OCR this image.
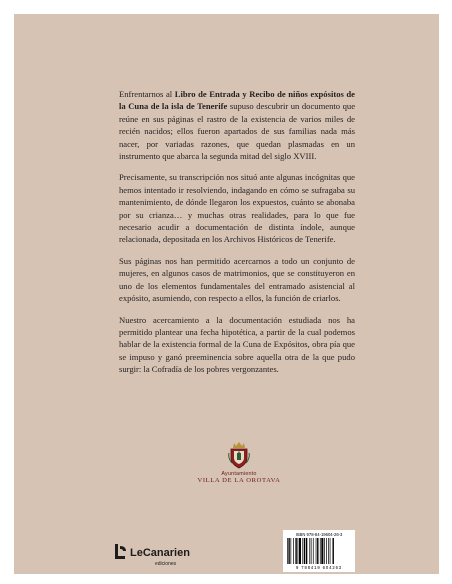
Enfrentarnos al Libro de Entrada y Recibo de niños expósitos de la Cuna de la isla de Tenerife supuso descubrir un documento que reúne en sus páginas el rastro de la existencia de varios miles de recién nacidos; ellos fueron apartados de sus familias nada más nacer, por variadas razones, que quedan plasmadas en un instrumento que abarca la segunda mitad del siglo XVIII.

Precisamente, su transcripción nos situó ante algunas incógnitas que hemos intentado ir resolviendo, indagando en cómo se sufragaba su mantenimiento, de dónde llegaron los expuestos, cuánto se abonaba por su crianza… y muchas otras realidades, para lo que fue necesario acudir a documentación de distinta índole, aunque relacionada, depositada en los Archivos Históricos de Tenerife.

Sus páginas nos han permitido acercarnos a todo un conjunto de mujeres, en algunos casos de matrimonios, que se constituyeron en uno de los elementos fundamentales del entramado asistencial al expósito, asumiendo, con respecto a ellos, la función de criarlos.

Nuestro acercamiento a la documentación estudiada nos ha permitido plantear una fecha hipotética, a partir de la cual podemos hablar de la existencia formal de la Cuna de Expósitos, obra pía que se impuso y ganó preeminencia sobre aquella otra de la que pudo surgir: la Cofradía de los pobres vergonzantes.

Ayuntamiento
VILLA DE LA OROTAVA
LeCanarien
ediciones
ISBN 978-84-19604-26-3
9 788419 604263
